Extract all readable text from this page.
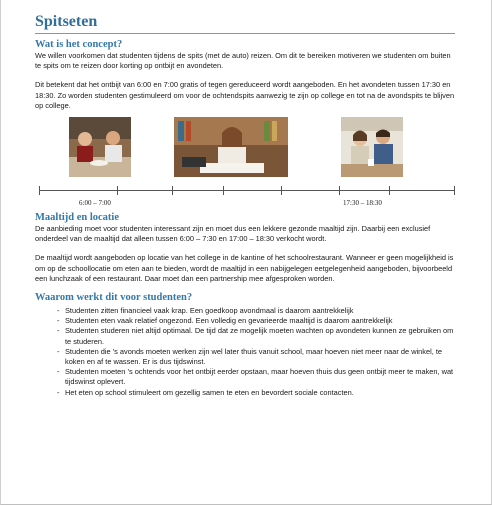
Spitseten
Wat is het concept?

We willen voorkomen dat studenten tijdens de spits (met de auto) reizen. Om dit te bereiken motiveren we studenten om buiten te spits om te reizen door korting op ontbijt en avondeten.

Dit betekent dat het ontbijt van 6:00 en 7:00 gratis of tegen gereduceerd wordt aangeboden. En het avondeten tussen 17:30 en 18:30. Zo worden studenten gestimuleerd om voor de ochtendspits aanwezig te zijn op college en tot na de avondspits te blijven op college.

6:00 – 7:00	17:30 – 18:30
Maaltijd en locatie

De aanbieding moet voor studenten interessant zijn en moet dus een lekkere gezonde maaltijd zijn. Daarbij een exclusief onderdeel van de maaltijd dat alleen tussen 6:00 – 7:30 en 17:00 – 18:30 verkocht wordt.

De maaltijd wordt aangeboden op locatie van het college in de kantine of het schoolrestaurant. Wanneer er geen mogelijkheid is om op de schoollocatie om eten aan te bieden, wordt de maaltijd in een nabijgelegen eetgelegenheid aangeboden, bijvoorbeeld een lunchzaak of een restaurant. Daar moet dan een partnership mee afgesproken worden.

Waarom werkt dit voor studenten?
- Studenten zitten financieel vaak krap. Een goedkoop avondmaal is daarom aantrekkelijk
- Studenten eten vaak relatief ongezond. Een volledig en gevarieerde maaltijd is daarom aantrekkelijk
- Studenten studeren niet altijd optimaal. De tijd dat ze mogelijk moeten wachten op avondeten kunnen ze gebruiken om te studeren.
- Studenten die ’s avonds moeten werken zijn wel later thuis vanuit school, maar hoeven niet meer naar de winkel, te koken en af te wassen. Er is dus tijdswinst.
- Studenten moeten ’s ochtends voor het ontbijt eerder opstaan, maar hoeven thuis dus geen ontbijt meer te maken, wat tijdswinst oplevert.
- Het eten op school stimuleert om gezellig samen te eten en bevordert sociale contacten.
